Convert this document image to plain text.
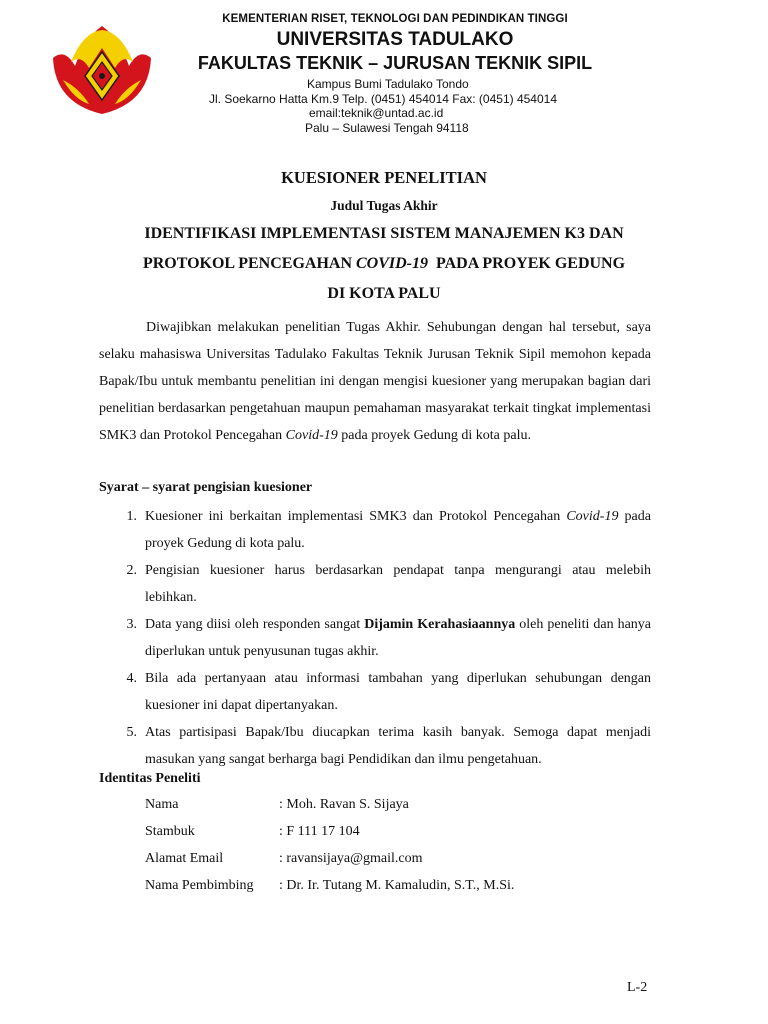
KEMENTERIAN RISET, TEKNOLOGI DAN PEDINDIKAN TINGGI
UNIVERSITAS TADULAKO
FAKULTAS TEKNIK – JURUSAN TEKNIK SIPIL
Kampus Bumi Tadulako Tondo
Jl. Soekarno Hatta Km.9 Telp. (0451) 454014 Fax: (0451) 454014
email:teknik@untad.ac.id
Palu – Sulawesi Tengah 94118
KUESIONER PENELITIAN
Judul Tugas Akhir
IDENTIFIKASI IMPLEMENTASI SISTEM MANAJEMEN K3 DAN
PROTOKOL PENCEGAHAN COVID-19  PADA PROYEK GEDUNG
DI KOTA PALU
Diwajibkan melakukan penelitian Tugas Akhir. Sehubungan dengan hal tersebut, saya selaku mahasiswa Universitas Tadulako Fakultas Teknik Jurusan Teknik Sipil memohon kepada Bapak/Ibu untuk membantu penelitian ini dengan mengisi kuesioner yang merupakan bagian dari penelitian berdasarkan pengetahuan maupun pemahaman masyarakat terkait tingkat implementasi SMK3 dan Protokol Pencegahan Covid-19 pada proyek Gedung di kota palu.
Syarat – syarat pengisian kuesioner
1. Kuesioner ini berkaitan implementasi SMK3 dan Protokol Pencegahan Covid-19 pada proyek Gedung di kota palu.
2. Pengisian kuesioner harus berdasarkan pendapat tanpa mengurangi atau melebih lebihkan.
3. Data yang diisi oleh responden sangat Dijamin Kerahasiaannya oleh peneliti dan hanya diperlukan untuk penyusunan tugas akhir.
4. Bila ada pertanyaan atau informasi tambahan yang diperlukan sehubungan dengan kuesioner ini dapat dipertanyakan.
5. Atas partisipasi Bapak/Ibu diucapkan terima kasih banyak. Semoga dapat menjadi masukan yang sangat berharga bagi Pendidikan dan ilmu pengetahuan.
Identitas Peneliti
Nama	: Moh. Ravan S. Sijaya
Stambuk	: F 111 17 104
Alamat Email	: ravansijaya@gmail.com
Nama Pembimbing	: Dr. Ir. Tutang M. Kamaludin, S.T., M.Si.
L-2
